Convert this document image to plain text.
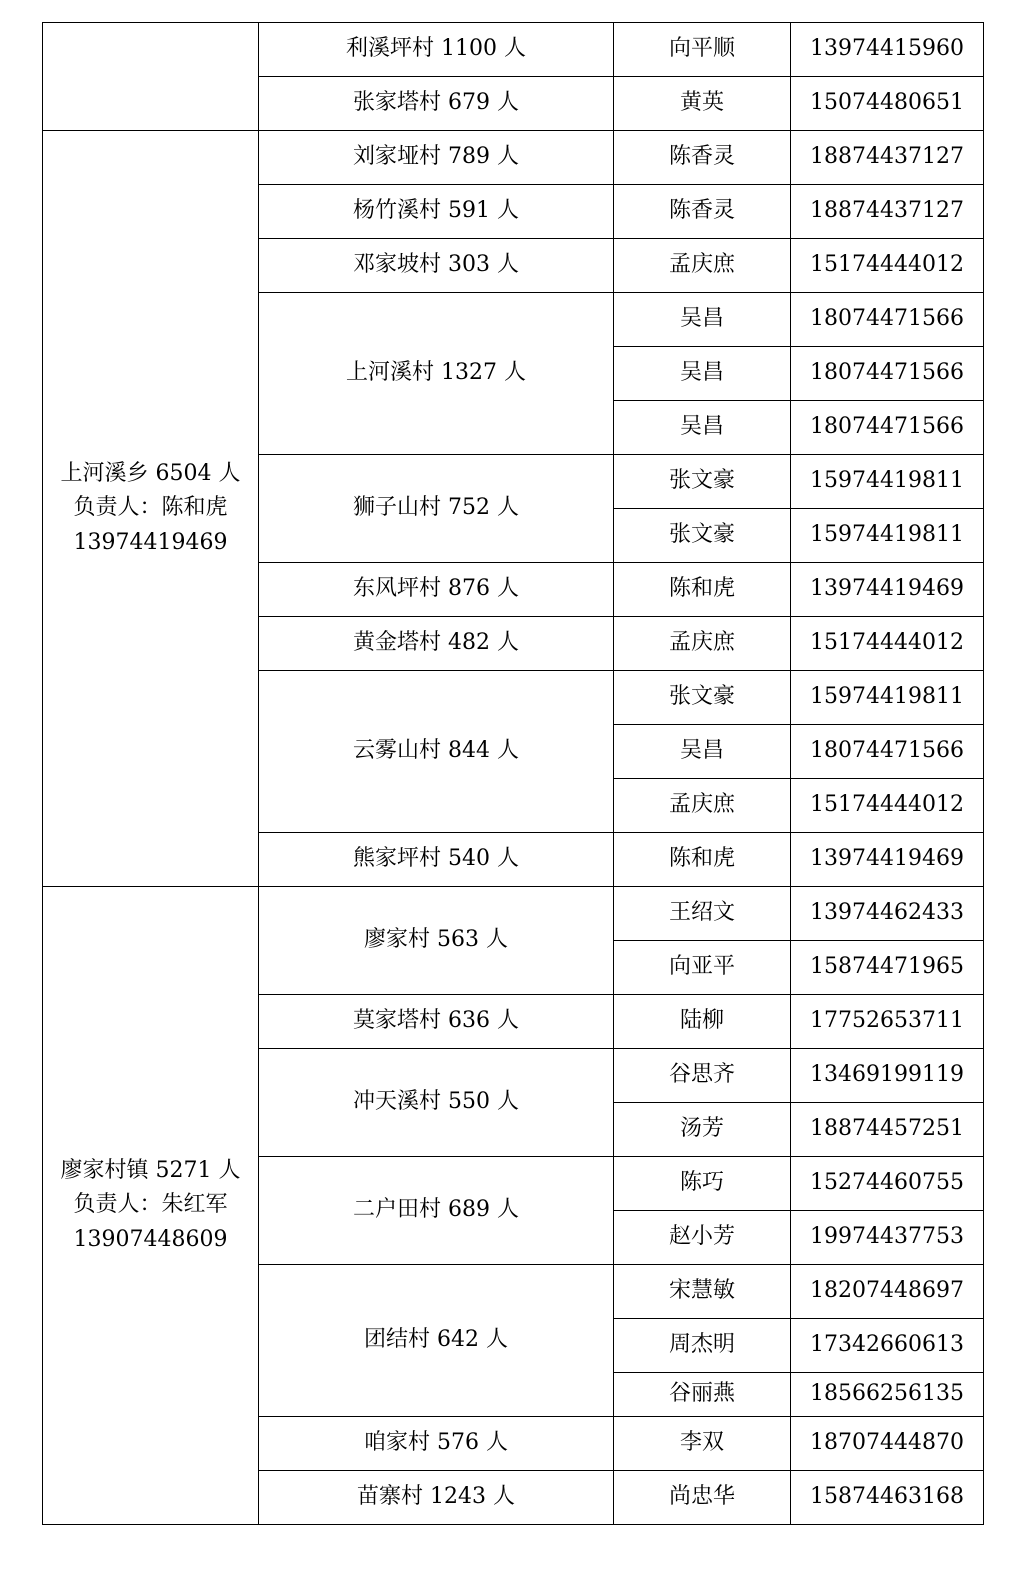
	利溪坪村 1100 人	向平顺	13974415960
	张家塔村 679 人	黄英	15074480651

上河溪乡 6504 人
负责人：陈和虎
13974419469	刘家垭村 789 人	陈香灵	18874437127
	杨竹溪村 591 人	陈香灵	18874437127
	邓家坡村 303 人	孟庆庶	15174444012
	上河溪村 1327 人	吴昌	18074471566
		吴昌	18074471566
		吴昌	18074471566
	狮子山村 752 人	张文豪	15974419811
		张文豪	15974419811
	东风坪村 876 人	陈和虎	13974419469
	黄金塔村 482 人	孟庆庶	15174444012
	云雾山村 844 人	张文豪	15974419811
		吴昌	18074471566
		孟庆庶	15174444012
	熊家坪村 540 人	陈和虎	13974419469

廖家村镇 5271 人
负责人：朱红军
13907448609	廖家村 563 人	王绍文	13974462433
		向亚平	15874471965
	莫家塔村 636 人	陆柳	17752653711
	冲天溪村 550 人	谷思齐	13469199119
		汤芳	18874457251
	二户田村 689 人	陈巧	15274460755
		赵小芳	19974437753
	团结村 642 人	宋慧敏	18207448697
		周杰明	17342660613
		谷丽燕	18566256135
	咱家村 576 人	李双	18707444870
	苗寨村 1243 人	尚忠华	15874463168
